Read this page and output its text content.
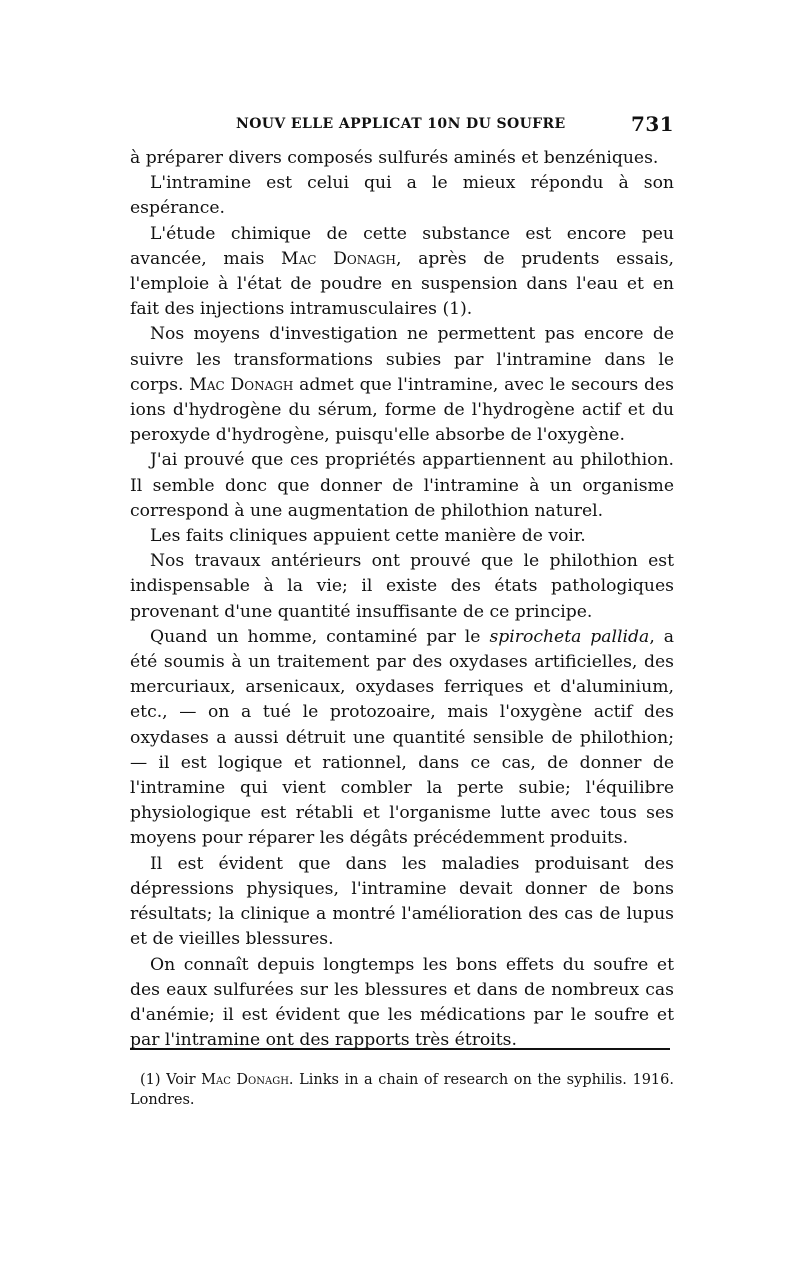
NOUV ELLE APPLICAT 10N DU SOUFRE	731

à préparer divers composés sulfurés aminés et benzéniques.

L'intramine est celui qui a le mieux répondu à son espérance.

L'étude chimique de cette substance est encore peu avancée, mais Mac Donagh, après de prudents essais, l'emploie à l'état de poudre en suspension dans l'eau et en fait des injections intramusculaires (1).

Nos moyens d'investigation ne permettent pas encore de suivre les transformations subies par l'intramine dans le corps. Mac Donagh admet que l'intramine, avec le secours des ions d'hydrogène du sérum, forme de l'hydrogène actif et du peroxyde d'hydrogène, puisqu'elle absorbe de l'oxygène.

J'ai prouvé que ces propriétés appartiennent au philothion. Il semble donc que donner de l'intramine à un organisme correspond à une augmentation de philothion naturel.

Les faits cliniques appuient cette manière de voir.

Nos travaux antérieurs ont prouvé que le philothion est indispensable à la vie; il existe des états pathologiques provenant d'une quantité insuffisante de ce principe.

Quand un homme, contaminé par le spirocheta pallida, a été soumis à un traitement par des oxydases artificielles, des mercuriaux, arsenicaux, oxydases ferriques et d'aluminium, etc., — on a tué le protozoaire, mais l'oxygène actif des oxydases a aussi détruit une quantité sensible de philothion; — il est logique et rationnel, dans ce cas, de donner de l'intramine qui vient combler la perte subie; l'équilibre physiologique est rétabli et l'organisme lutte avec tous ses moyens pour réparer les dégâts précédemment produits.

Il est évident que dans les maladies produisant des dépressions physiques, l'intramine devait donner de bons résultats; la clinique a montré l'amélioration des cas de lupus et de vieilles blessures.

On connaît depuis longtemps les bons effets du soufre et des eaux sulfurées sur les blessures et dans de nombreux cas d'anémie; il est évident que les médications par le soufre et par l'intramine ont des rapports très étroits.

(1) Voir Mac Donagh. Links in a chain of research on the syphilis. 1916. Londres.
